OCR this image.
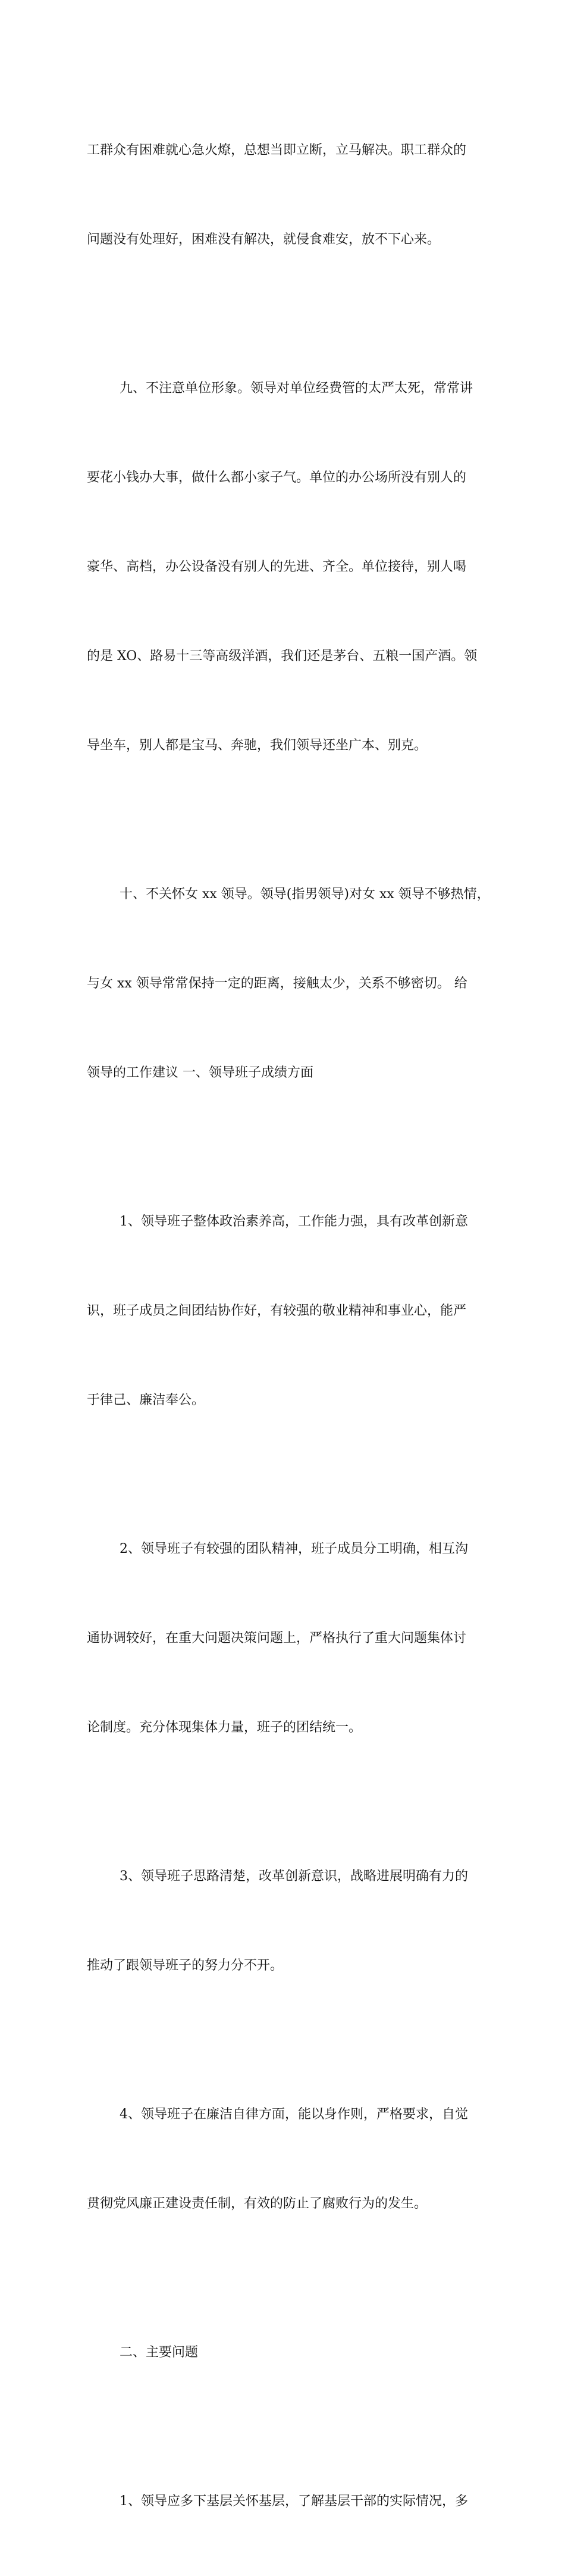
工群众有困难就心急火燎，总想当即立断，立马解决。职工群众的

问题没有处理好，困难没有解决，就侵食难安，放不下心来。

九、不注意单位形象。领导对单位经费管的太严太死，常常讲

要花小钱办大事，做什么都小家子气。单位的办公场所没有别人的

豪华、高档，办公设备没有别人的先进、齐全。单位接待，别人喝

的是 XO、路易十三等高级洋酒，我们还是茅台、五粮一国产酒。领

导坐车，别人都是宝马、奔驰，我们领导还坐广本、别克。

十、不关怀女 xx 领导。领导(指男领导)对女 xx 领导不够热情，

与女 xx 领导常常保持一定的距离，接触太少，关系不够密切。 给

领导的工作建议 一、领导班子成绩方面

1、领导班子整体政治素养高，工作能力强，具有改革创新意

识，班子成员之间团结协作好，有较强的敬业精神和事业心，能严

于律己、廉洁奉公。

2、领导班子有较强的团队精神，班子成员分工明确，相互沟

通协调较好，在重大问题决策问题上，严格执行了重大问题集体讨

论制度。充分体现集体力量，班子的团结统一。

3、领导班子思路清楚，改革创新意识，战略进展明确有力的

推动了跟领导班子的努力分不开。

4、领导班子在廉洁自律方面，能以身作则，严格要求，自觉

贯彻党风廉正建设责任制，有效的防止了腐败行为的发生。

二、主要问题

1、领导应多下基层关怀基层，了解基层干部的实际情况，多
